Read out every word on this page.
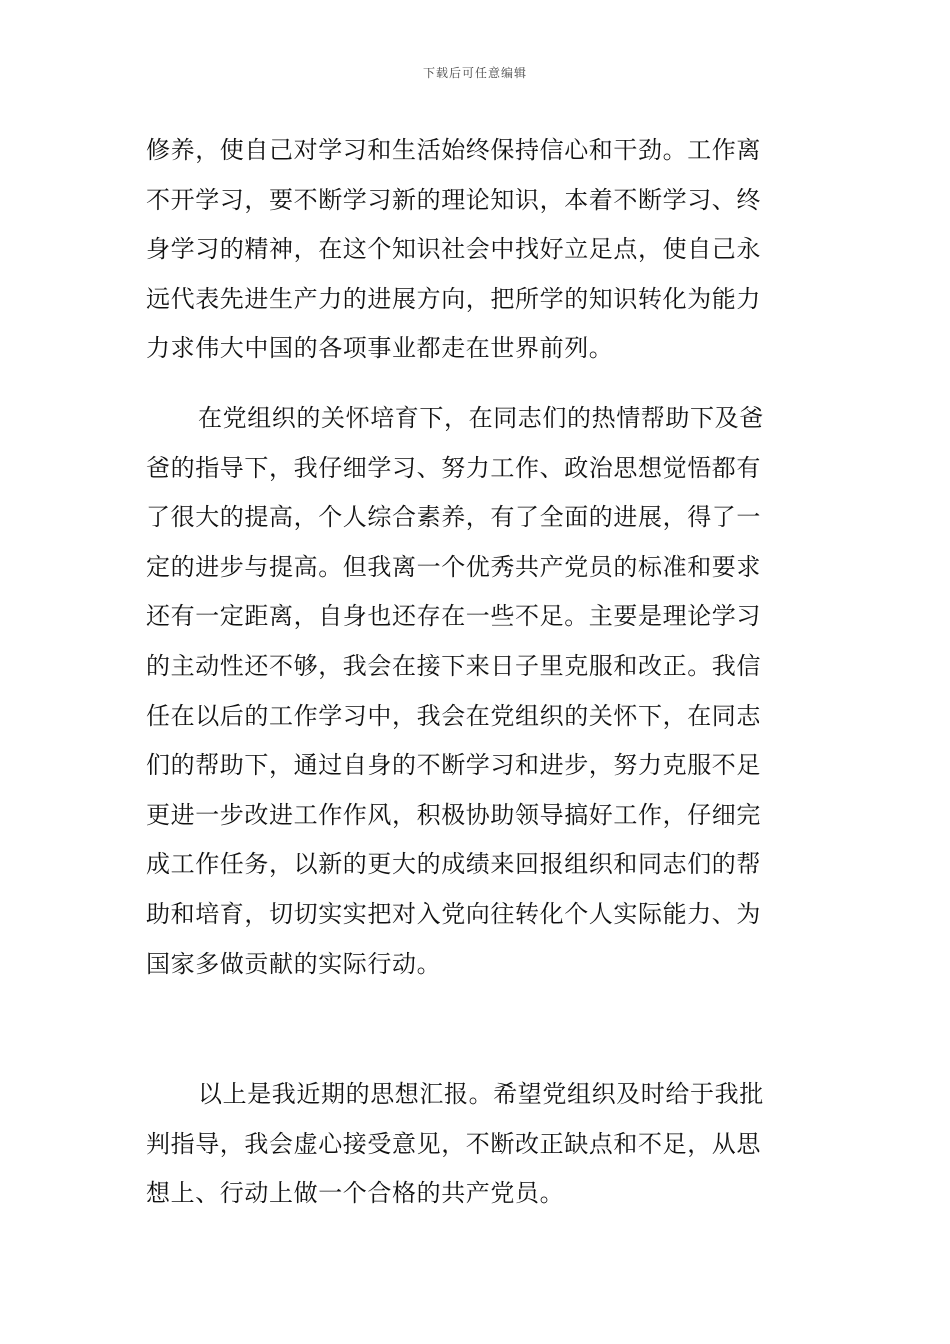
下载后可任意编辑
修养，使自己对学习和生活始终保持信心和干劲。工作离
不开学习，要不断学习新的理论知识，本着不断学习、终
身学习的精神，在这个知识社会中找好立足点，使自己永
远代表先进生产力的进展方向，把所学的知识转化为能力
力求伟大中国的各项事业都走在世界前列。
在党组织的关怀培育下，在同志们的热情帮助下及爸
爸的指导下，我仔细学习、努力工作、政治思想觉悟都有
了很大的提高，个人综合素养，有了全面的进展，得了一
定的进步与提高。但我离一个优秀共产党员的标准和要求
还有一定距离，自身也还存在一些不足。主要是理论学习
的主动性还不够，我会在接下来日子里克服和改正。我信
任在以后的工作学习中，我会在党组织的关怀下，在同志
们的帮助下，通过自身的不断学习和进步，努力克服不足
更进一步改进工作作风，积极协助领导搞好工作，仔细完
成工作任务，以新的更大的成绩来回报组织和同志们的帮
助和培育，切切实实把对入党向往转化个人实际能力、为
国家多做贡献的实际行动。
以上是我近期的思想汇报。希望党组织及时给于我批
判指导，我会虚心接受意见，不断改正缺点和不足，从思
想上、行动上做一个合格的共产党员。
